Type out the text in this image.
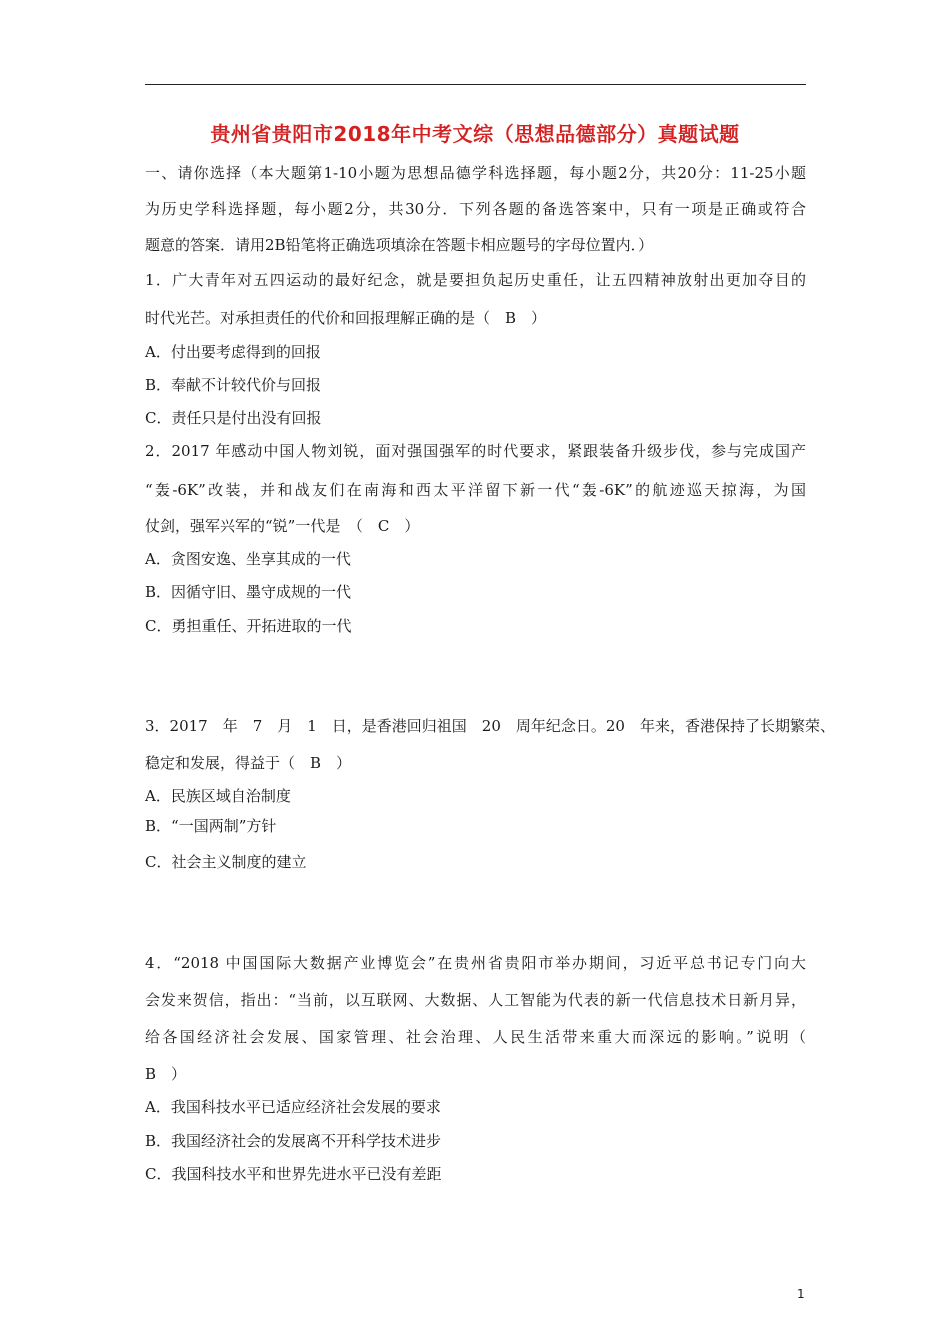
贵州省贵阳市2018年中考文综（思想品德部分）真题试题
一、请你选择（本大题第1-10小题为思想品德学科选择题，每小题2分，共20分：11-25小题
为历史学科选择题，每小题2分，共30分．下列各题的备选答案中，只有一项是正确或符合
题意的答案．请用2B铅笔将正确选项填涂在答题卡相应题号的字母位置内．）
1．广大青年对五四运动的最好纪念，就是要担负起历史重任，让五四精神放射出更加夺目的
时代光芒。对承担责任的代价和回报理解正确的是（　B　）
A．付出要考虑得到的回报
B．奉献不计较代价与回报
C．责任只是付出没有回报
2．2017 年感动中国人物刘锐，面对强国强军的时代要求，紧跟装备升级步伐，参与完成国产
“轰-6K”改装，并和战友们在南海和西太平洋留下新一代“轰-6K”的航迹巡天掠海，为国
仗剑，强军兴军的“锐”一代是　（　C　）
A．贪图安逸、坐享其成的一代
B．因循守旧、墨守成规的一代
C．勇担重任、开拓进取的一代
3．2017　年　7　月　1　日，是香港回归祖国　20　周年纪念日。20　年来，香港保持了长期繁荣、
稳定和发展，得益于（　B　）
A．民族区域自治制度
B．“一国两制”方针
C．社会主义制度的建立
4．“2018 中国国际大数据产业博览会”在贵州省贵阳市举办期间，习近平总书记专门向大
会发来贺信，指出：“当前，以互联网、大数据、人工智能为代表的新一代信息技术日新月异，
给各国经济社会发展、国家管理、社会治理、人民生活带来重大而深远的影响。”说明（
B　）
A．我国科技水平已适应经济社会发展的要求
B．我国经济社会的发展离不开科学技术进步
C．我国科技水平和世界先进水平已没有差距
1
